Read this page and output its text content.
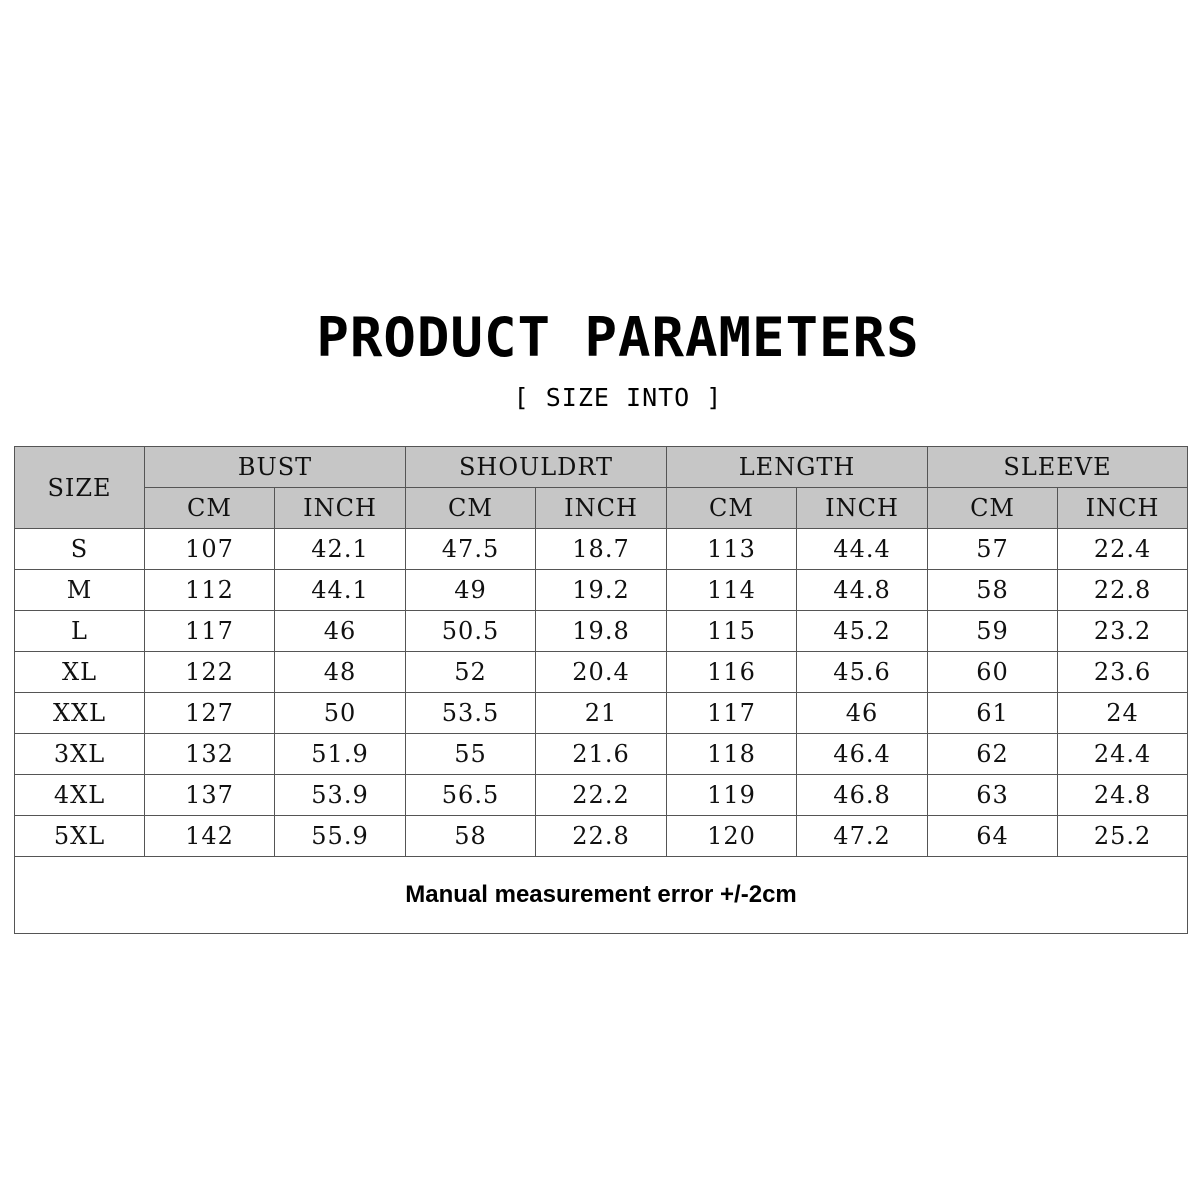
PRODUCT PARAMETERS
[ SIZE INTO ]
SIZE	BUST		SHOULDRT		LENGTH		SLEEVE	
	CM	INCH	CM	INCH	CM	INCH	CM	INCH
S	107	42.1	47.5	18.7	113	44.4	57	22.4
M	112	44.1	49	19.2	114	44.8	58	22.8
L	117	46	50.5	19.8	115	45.2	59	23.2
XL	122	48	52	20.4	116	45.6	60	23.6
XXL	127	50	53.5	21	117	46	61	24
3XL	132	51.9	55	21.6	118	46.4	62	24.4
4XL	137	53.9	56.5	22.2	119	46.8	63	24.8
5XL	142	55.9	58	22.8	120	47.2	64	25.2
Manual measurement error +/-2cm								
